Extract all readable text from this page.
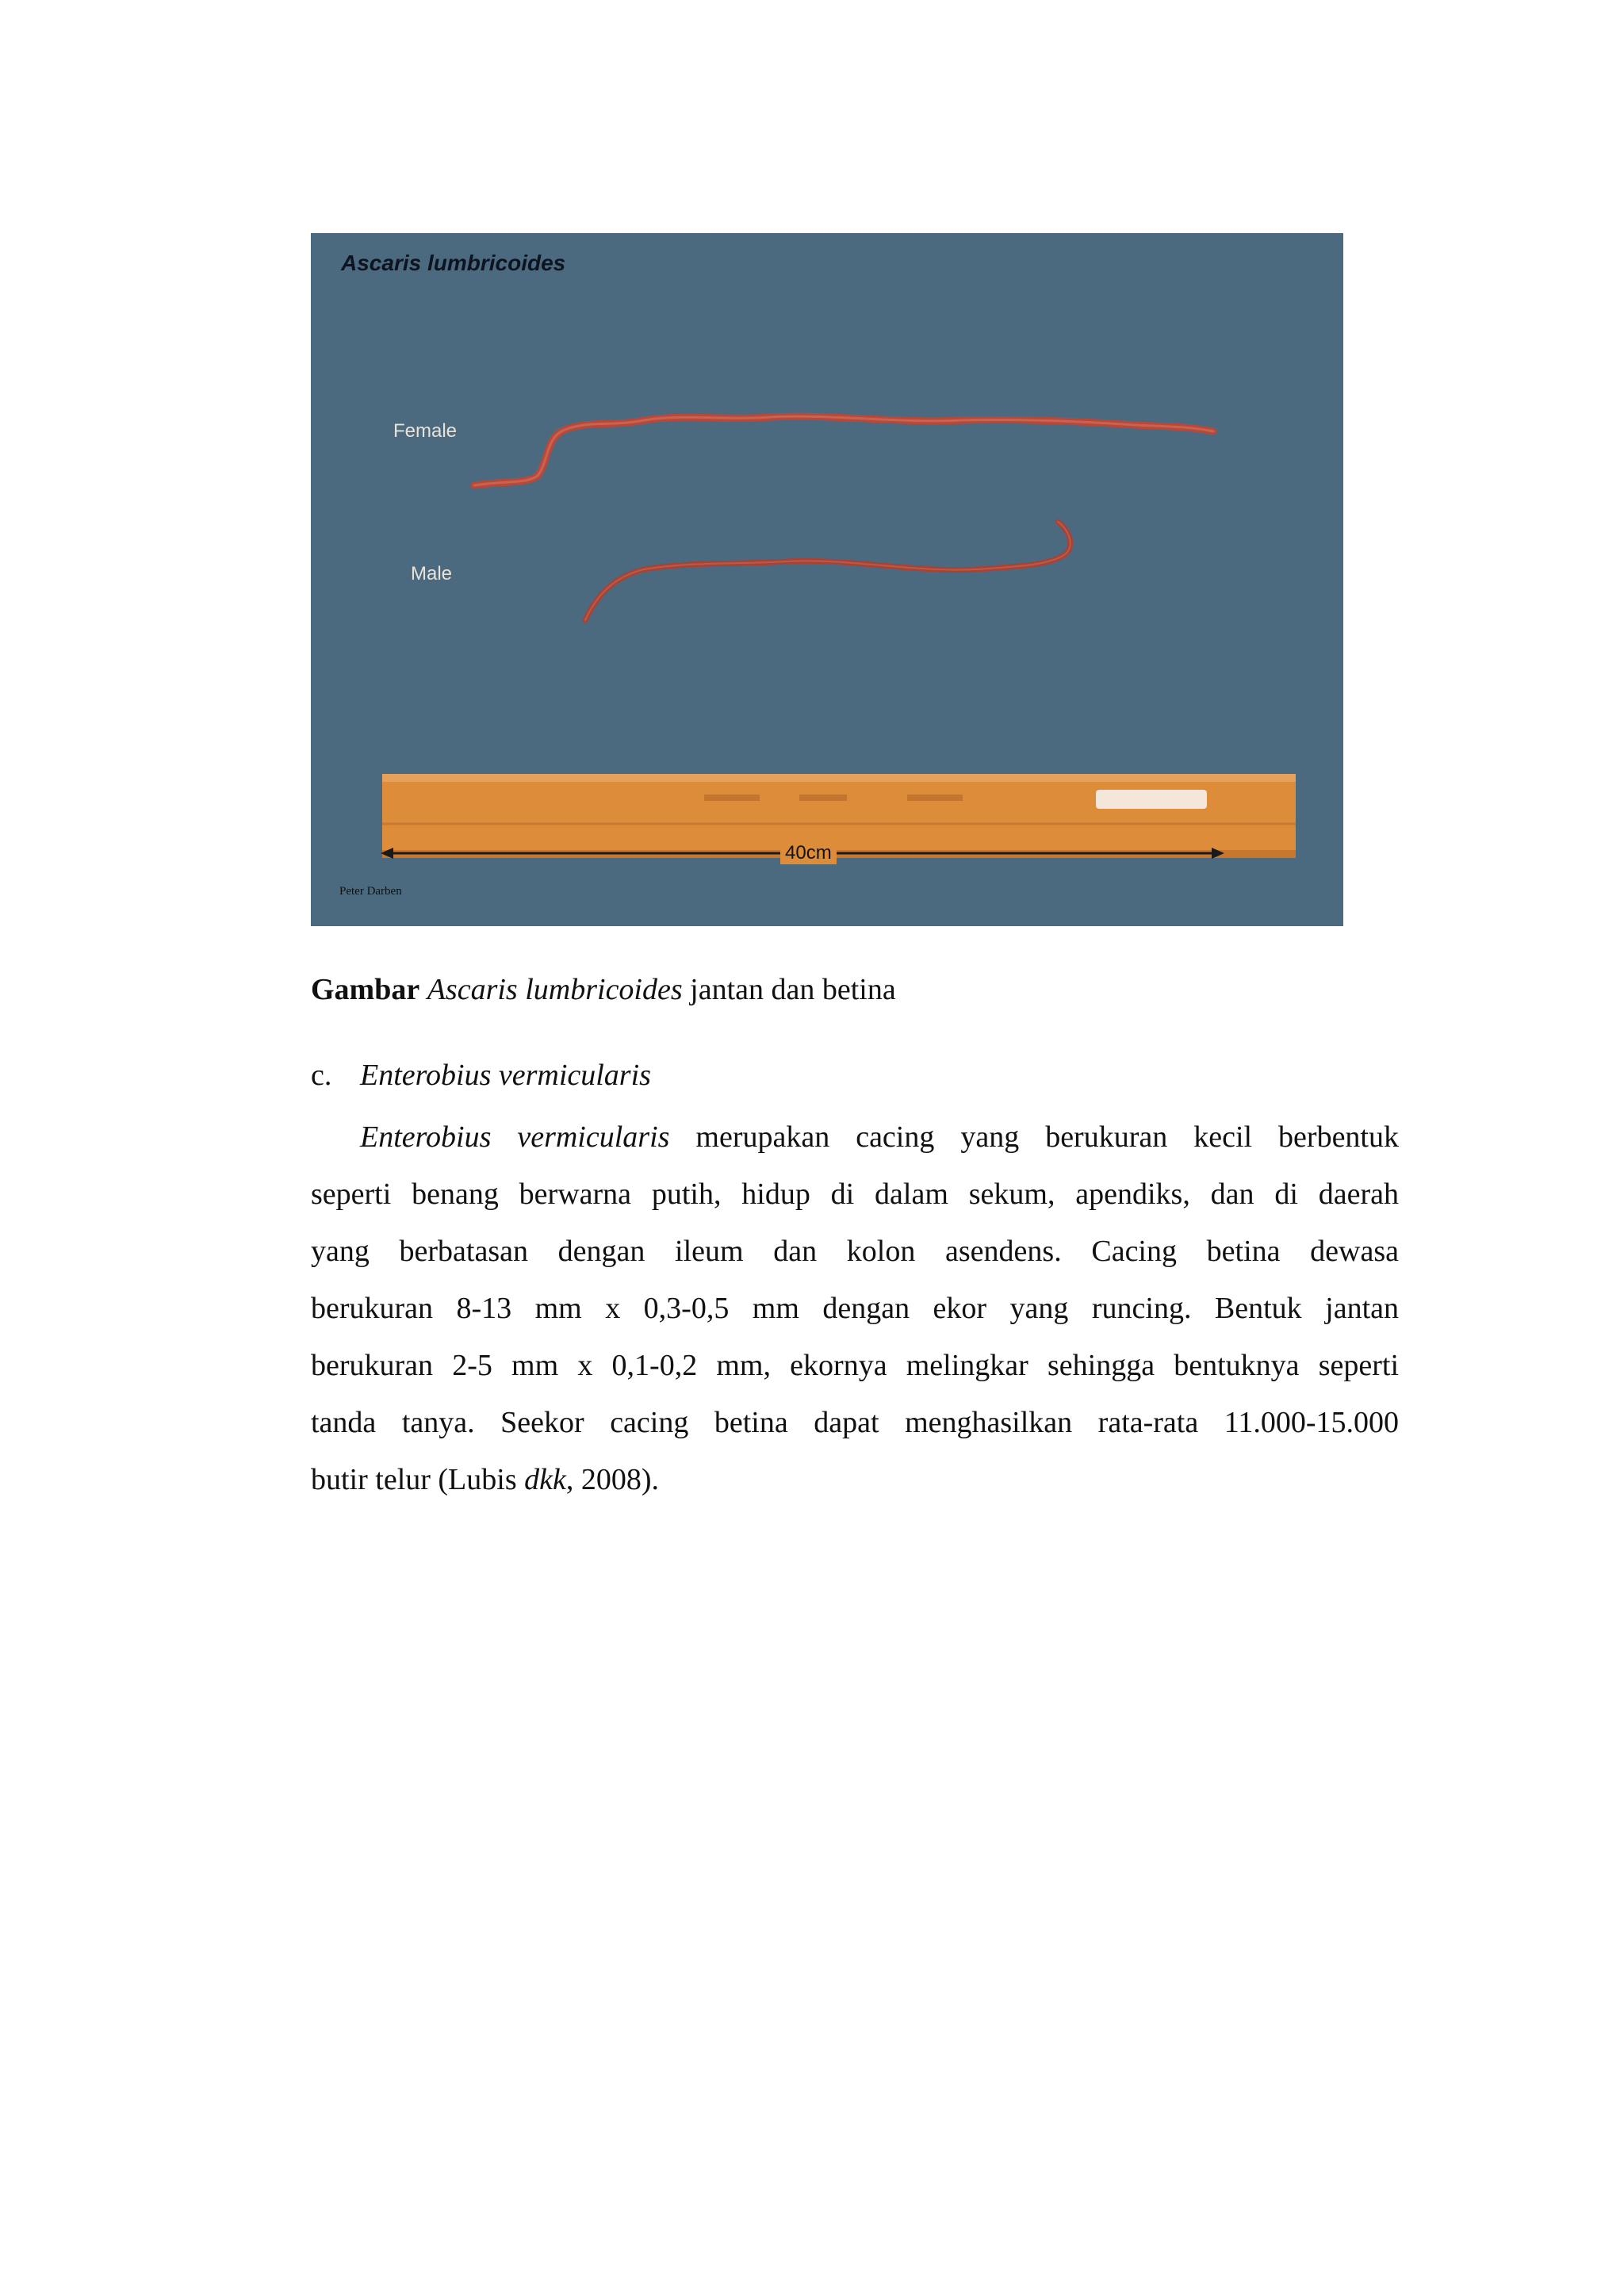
Ascaris lumbricoides
Female
Male
40cm
Peter Darben
Gambar Ascaris lumbricoides jantan dan betina
c. Enterobius vermicularis
Enterobius vermicularis merupakan cacing yang berukuran kecil berbentuk
seperti benang berwarna putih, hidup di dalam sekum, apendiks, dan di daerah
yang berbatasan dengan ileum dan kolon asendens. Cacing betina dewasa
berukuran 8-13 mm x 0,3-0,5 mm dengan ekor yang runcing. Bentuk jantan
berukuran 2-5 mm x 0,1-0,2 mm, ekornya melingkar sehingga bentuknya seperti
tanda tanya. Seekor cacing betina dapat menghasilkan rata-rata 11.000-15.000
butir telur (Lubis dkk, 2008).
